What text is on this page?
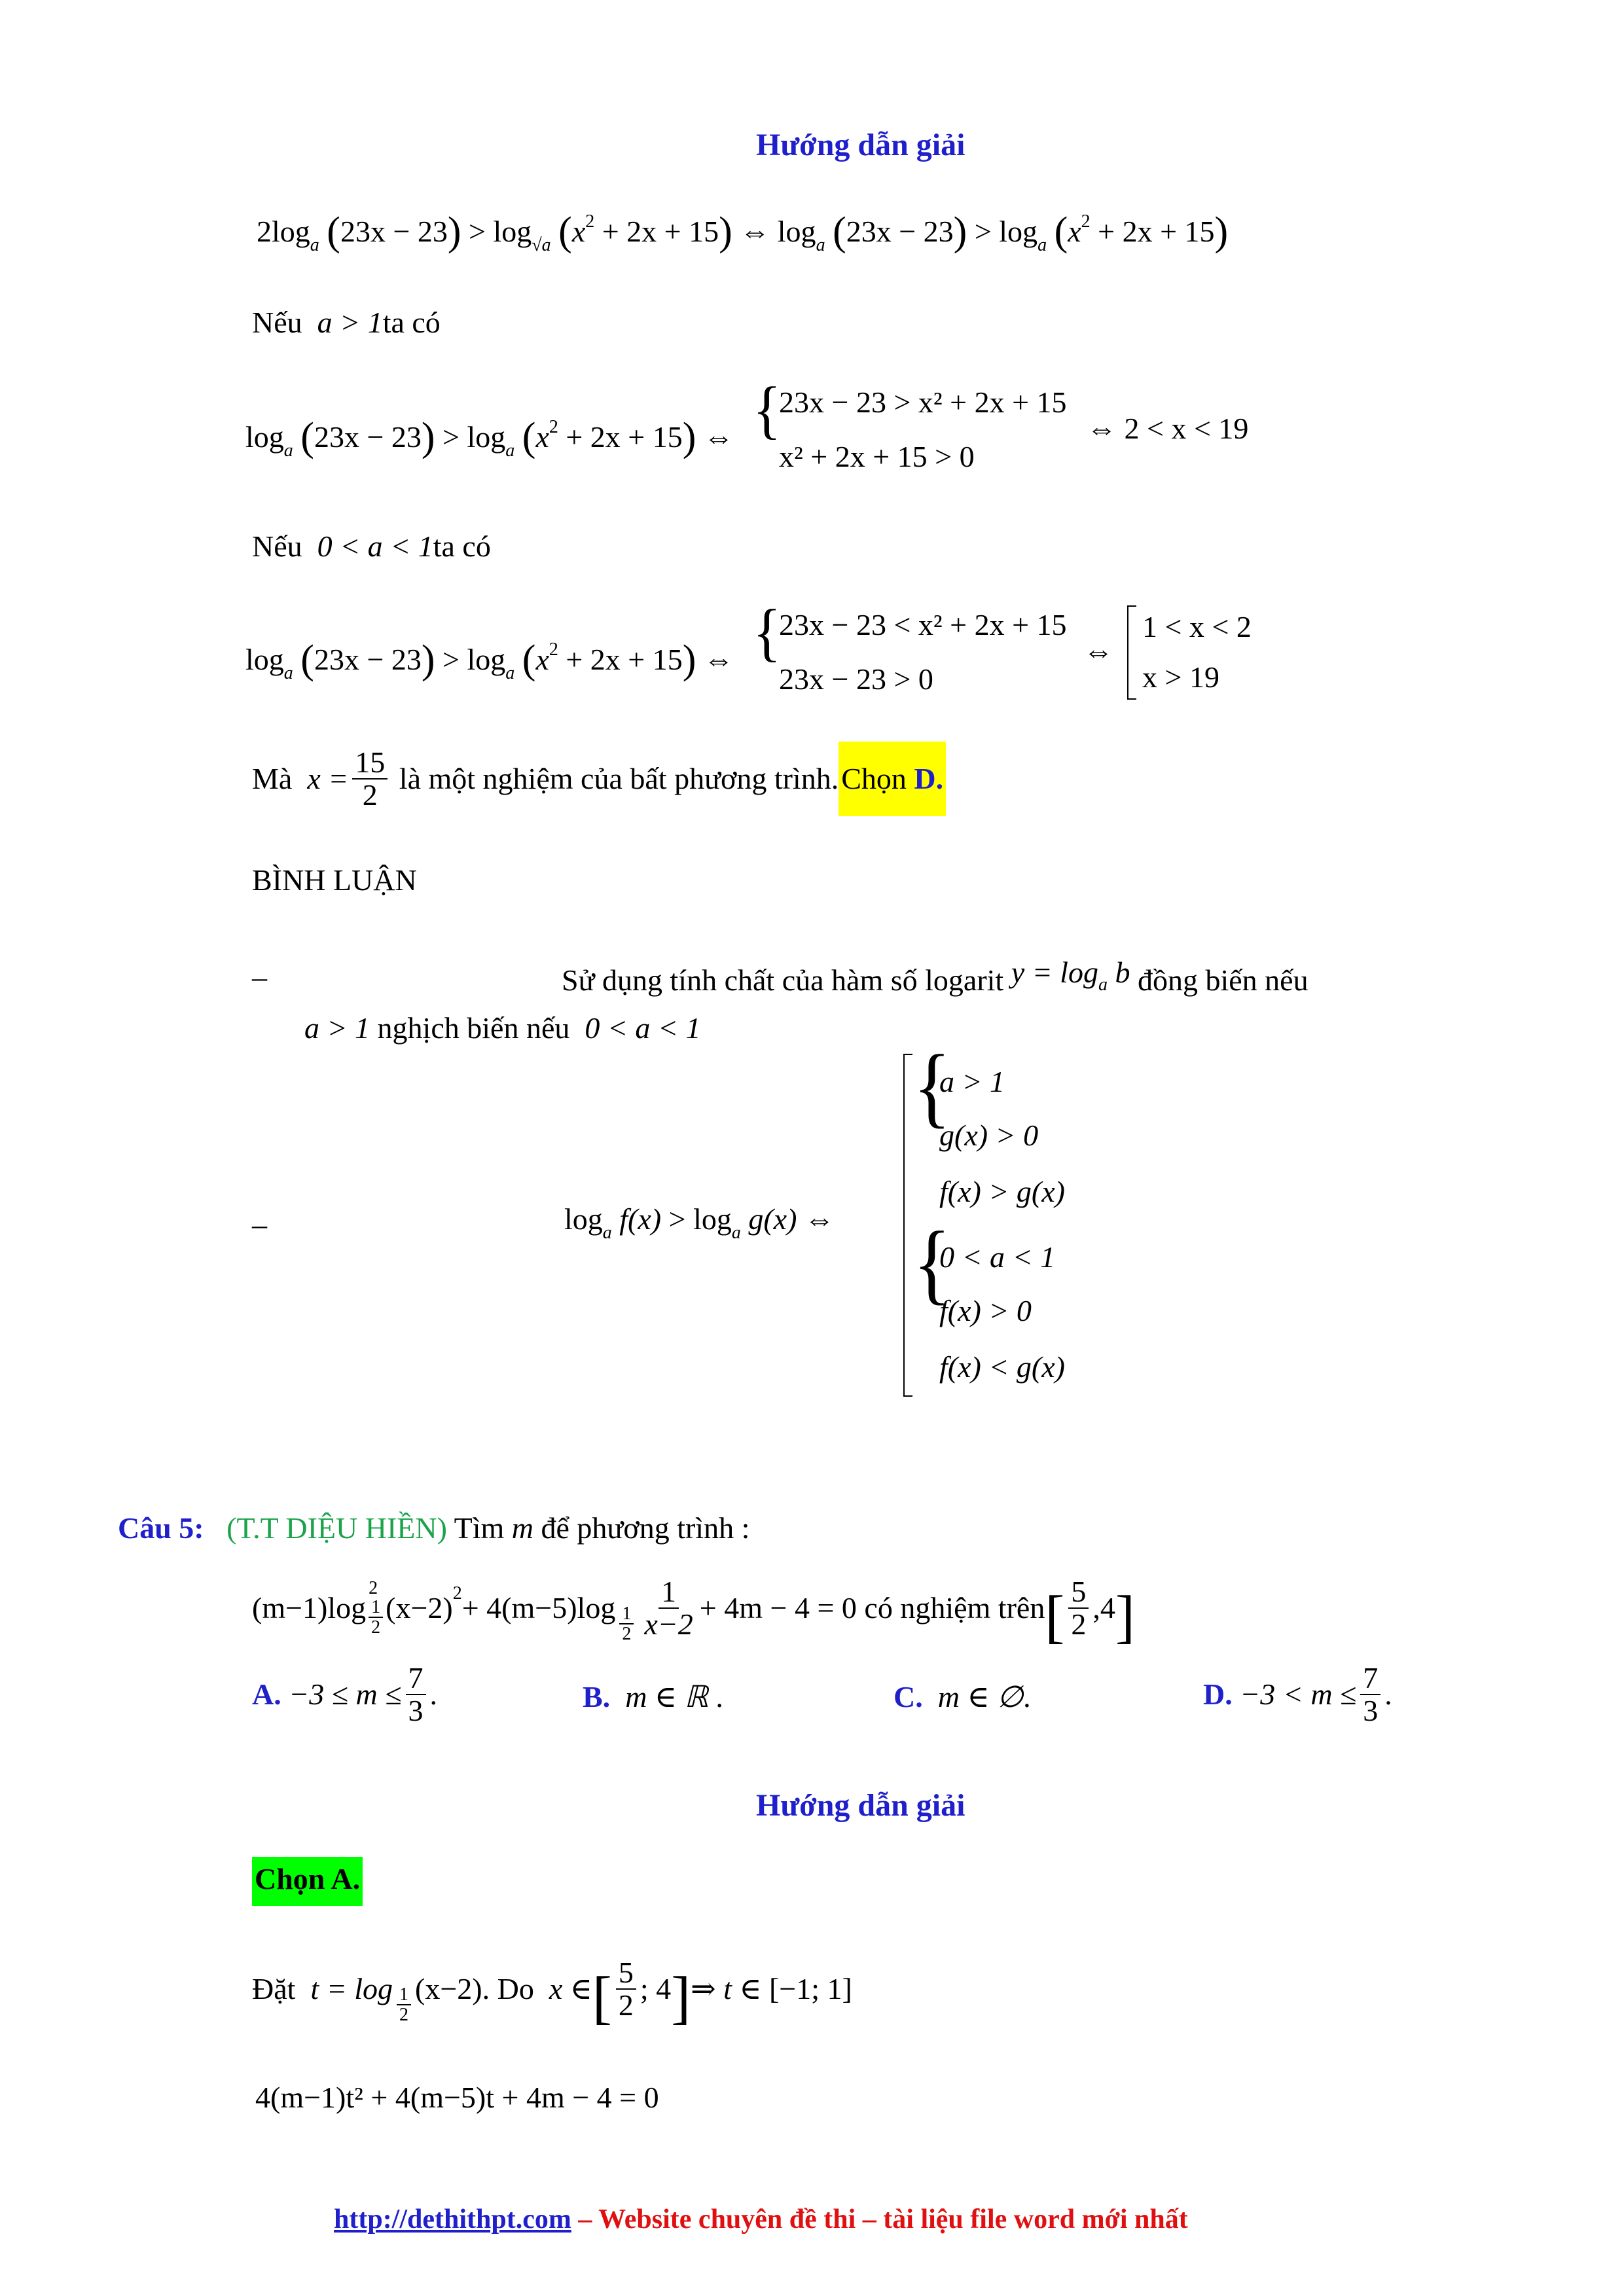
Hướng dẫn giải
$2\log_a$ $(23x - 23) > \log_{√a} (x^2 + 2x + 15)$ ⇔ $\log_a (23x - 23) > \log_a (x^2 + 2x + 15)$
Nếu a > 1ta có
$\log_a (23x - 23) > \log_a (x^2 + 2x + 15)$ ⇔ {
23x − 23 > x² + 2x + 15
x² + 2x + 15 > 0
⇔ 2 < x < 19
Nếu 0 < a < 1ta có
$\log_a (23x - 23) > \log_a (x^2 + 2x + 15)$ ⇔ {
23x − 23 < x² + 2x + 15
23x − 23 > 0
⇔
1 < x < 2
x > 19
Mà
$x = \frac{15}{2}$
là một nghiệm của bất phương trình. Chọn D.
BÌNH LUẬN
–	Sử dụng tính chất của hàm số logarit y = loga b đồng biến nếu
a > 1 nghịch biến nếu 0 < a < 1
–	$\log_a f(x) > \log_a g(x)$ ⇔
{
{
a > 1
g(x) > 0
f(x) > g(x)
0 < a < 1
f(x) > 0
f(x) < g(x)
Câu 5: (T.T DIỆU HIỀN) Tìm m để phương trình :
(m−1)log
2
$\frac{1}{2} (x-2) 2 + 4(m-5)\log \frac{1}{2} \frac{1}{x-2} + 4m - 4 = 0$
có nghiệm trên [ $\frac{5}{2} ,4$ ]
A.
$-3 \le m \le \frac{7}{3}$ .	B. m ∈ ℝ .	C. m ∈ ∅.	D.
$-3 < m \le \frac{7}{3}$ .
Hướng dẫn giải
Chọn A.
Đặt
$t = \log \frac{1}{2} (x-2)$.
Do
x ∈ [ $\frac{5}{2}$ ; 4 ] ⇒ t ∈
[−1; 1]
4(m−1)t² + 4(m−5)t + 4m − 4 = 0
http://dethithpt.com – Website chuyên đề thi – tài liệu file word mới nhất
